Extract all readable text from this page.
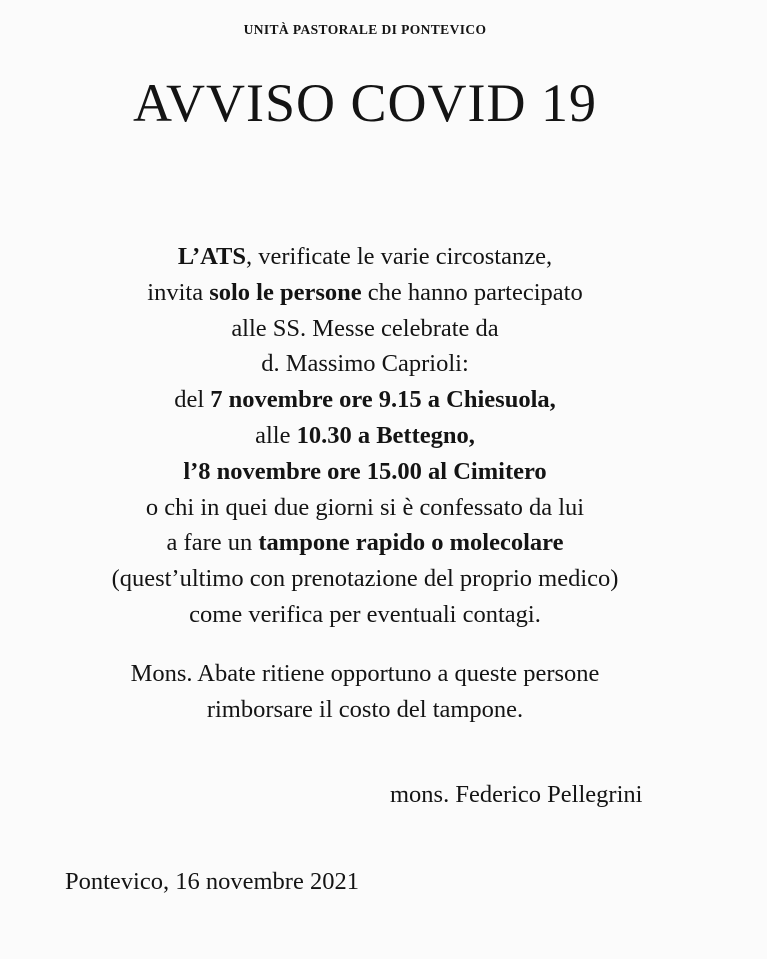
UNITÀ PASTORALE DI PONTEVICO
AVVISO COVID 19
L’ATS, verificate le varie circostanze,
invita solo le persone che hanno partecipato
alle SS. Messe celebrate da
d. Massimo Caprioli:
del 7 novembre ore 9.15 a Chiesuola,
alle 10.30 a Bettegno,
l’8 novembre ore 15.00 al Cimitero
o chi in quei due giorni si è confessato da lui
a fare un tampone rapido o molecolare
(quest’ultimo con prenotazione del proprio medico)
come verifica per eventuali contagi.
Mons. Abate ritiene opportuno a queste persone
rimborsare il costo del tampone.
mons. Federico Pellegrini
Pontevico, 16 novembre 2021
